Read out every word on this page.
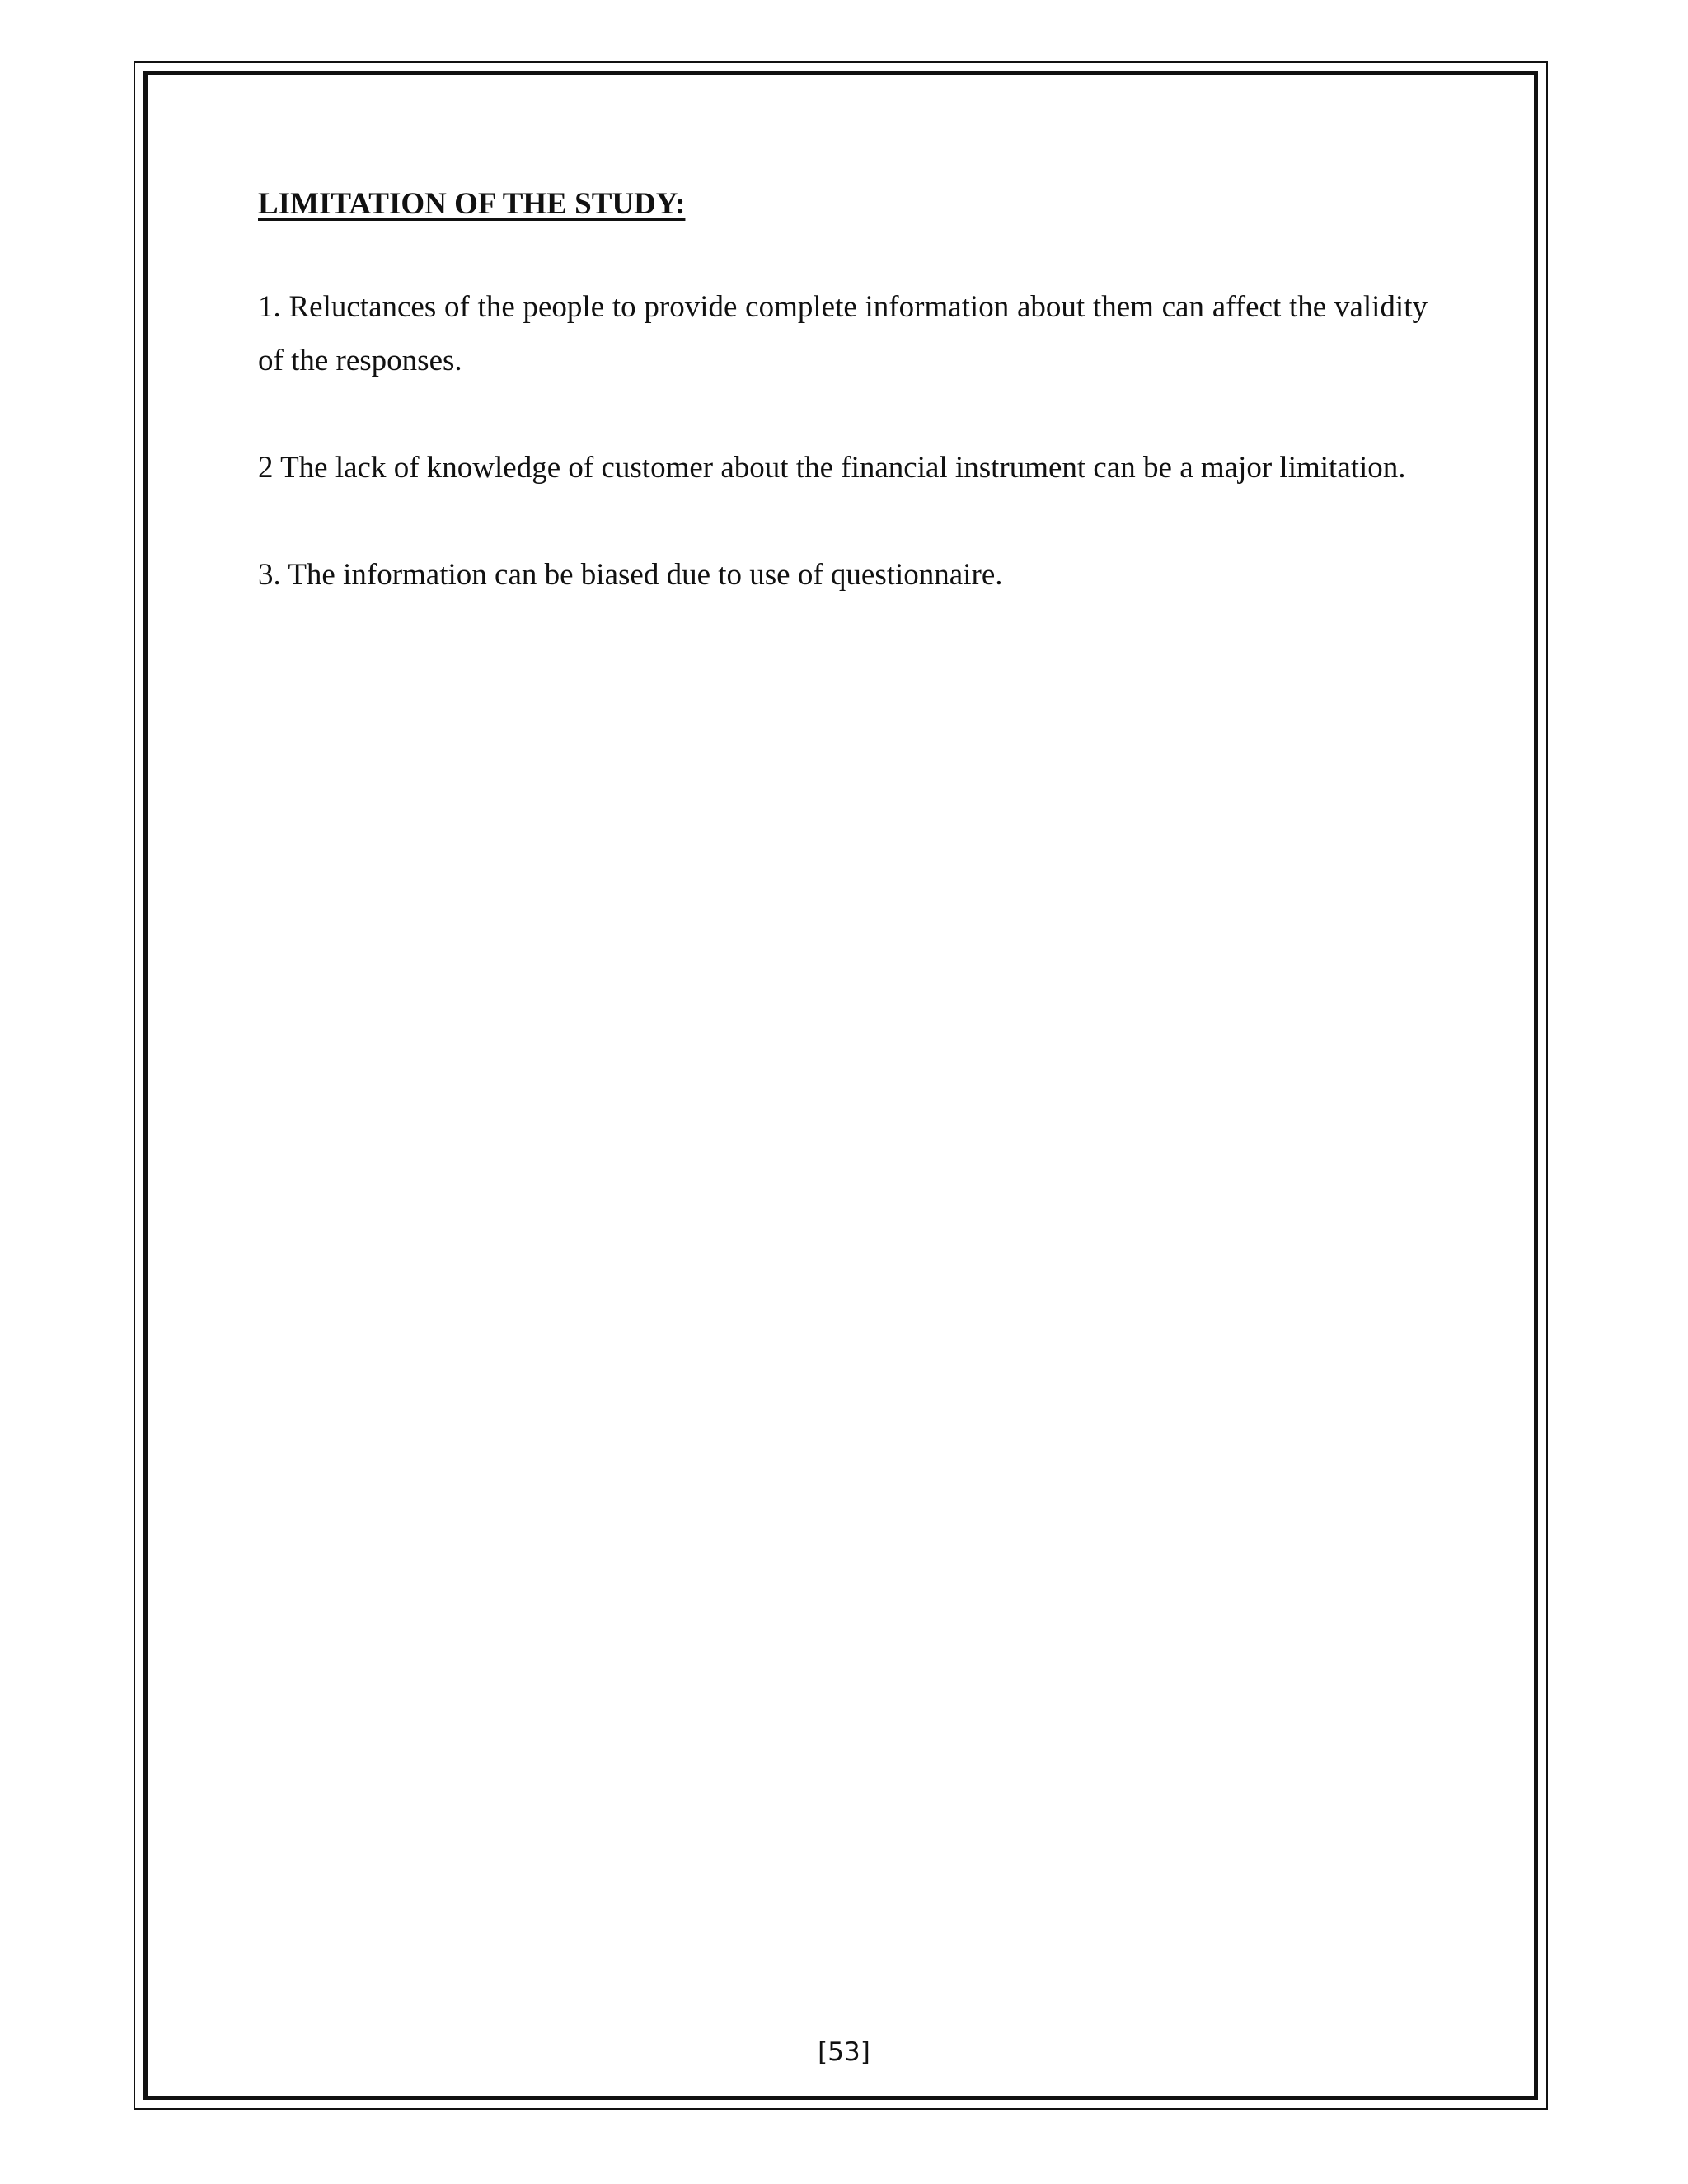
LIMITATION OF THE STUDY:

1. Reluctances of the people to provide complete information about them can affect the validity of the responses.

2 The lack of knowledge of customer about the financial instrument can be a major limitation.

3. The information can be biased due to use of questionnaire.

[53]
